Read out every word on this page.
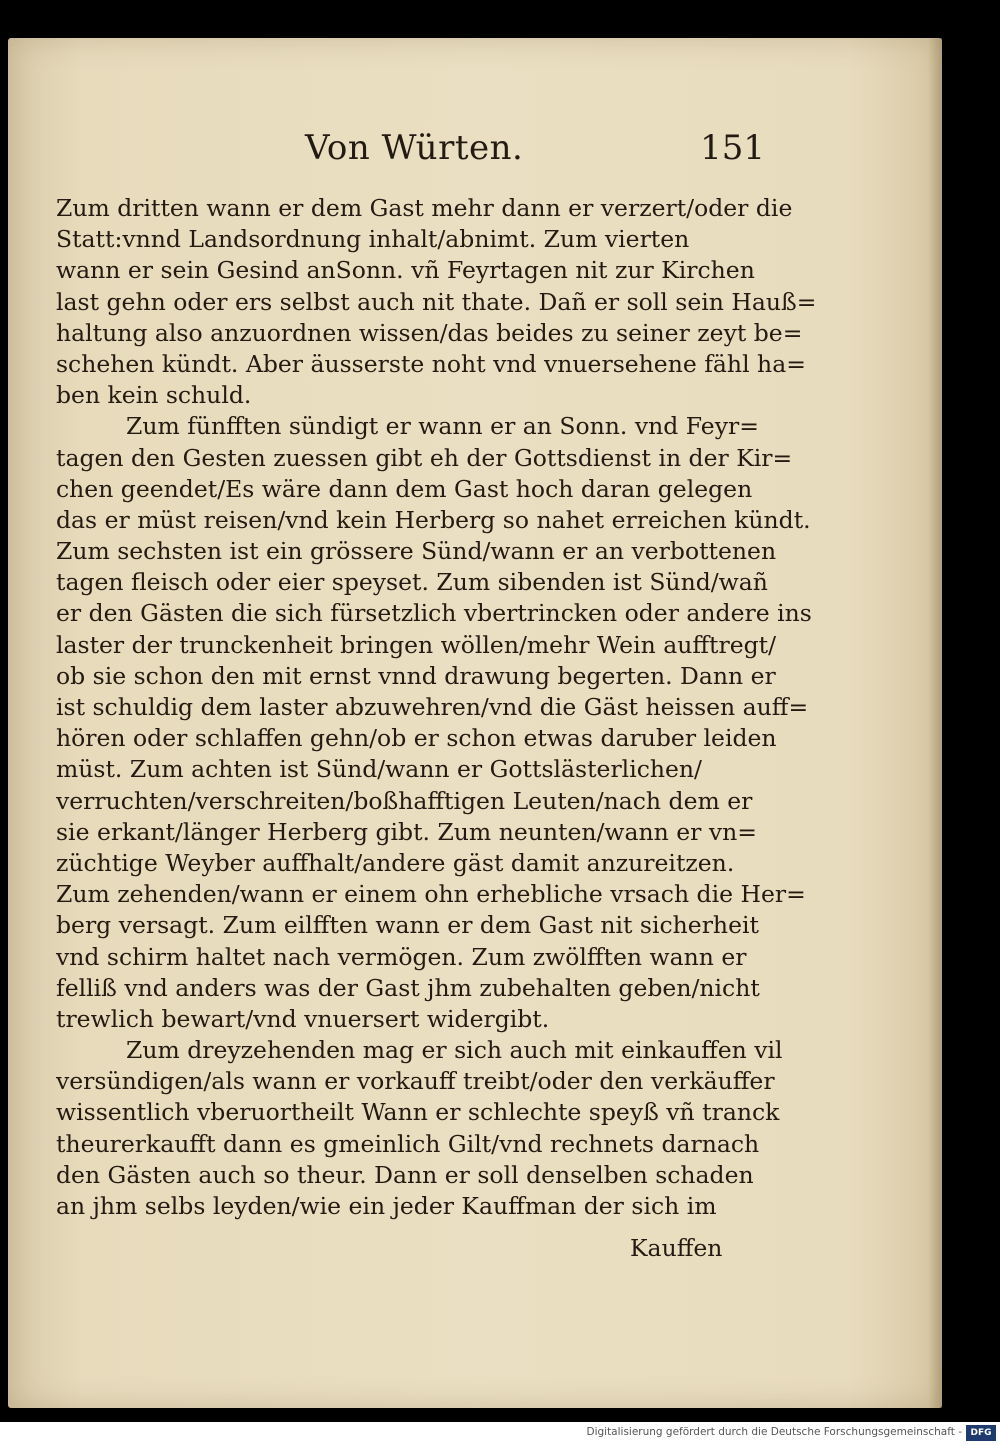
Von Würten.	151
Zum dritten wann er dem Gast mehr dann er verzert/oder die
Statt:vnnd Landsordnung inhalt/abnimt. Zum vierten
wann er sein Gesind anSonn. vñ Feyrtagen nit zur Kirchen
last gehn oder ers selbst auch nit thate. Dañ er soll sein Hauß=
haltung also anzuordnen wissen/das beides zu seiner zeyt be=
schehen kündt. Aber äusserste noht vnd vnuersehene fähl ha=
ben kein schuld.
Zum fünfften sündigt er wann er an Sonn. vnd Feyr=
tagen den Gesten zuessen gibt eh der Gottsdienst in der Kir=
chen geendet/Es wäre dann dem Gast hoch daran gelegen
das er müst reisen/vnd kein Herberg so nahet erreichen kündt.
Zum sechsten ist ein grössere Sünd/wann er an verbottenen
tagen fleisch oder eier speyset. Zum sibenden ist Sünd/wañ
er den Gästen die sich fürsetzlich vbertrincken oder andere ins
laster der trunckenheit bringen wöllen/mehr Wein aufftregt/
ob sie schon den mit ernst vnnd drawung begerten. Dann er
ist schuldig dem laster abzuwehren/vnd die Gäst heissen auff=
hören oder schlaffen gehn/ob er schon etwas daruber leiden
müst. Zum achten ist Sünd/wann er Gottslästerlichen/
verruchten/verschreiten/boßhafftigen Leuten/nach dem er
sie erkant/länger Herberg gibt. Zum neunten/wann er vn=
züchtige Weyber auffhalt/andere gäst damit anzureitzen.
Zum zehenden/wann er einem ohn erhebliche vrsach die Her=
berg versagt. Zum eilfften wann er dem Gast nit sicherheit
vnd schirm haltet nach vermögen. Zum zwölfften wann er
felliß vnd anders was der Gast jhm zubehalten geben/nicht
trewlich bewart/vnd vnuersert widergibt.
Zum dreyzehenden mag er sich auch mit einkauffen vil
versündigen/als wann er vorkauff treibt/oder den verkäuffer
wissentlich vberuortheilt Wann er schlechte speyß vñ tranck
theurerkaufft dann es gmeinlich Gilt/vnd rechnets darnach
den Gästen auch so theur. Dann er soll denselben schaden
an jhm selbs leyden/wie ein jeder Kauffman der sich im
Kauffen
Digitalisierung gefördert durch die Deutsche Forschungsgemeinschaft - DFG
